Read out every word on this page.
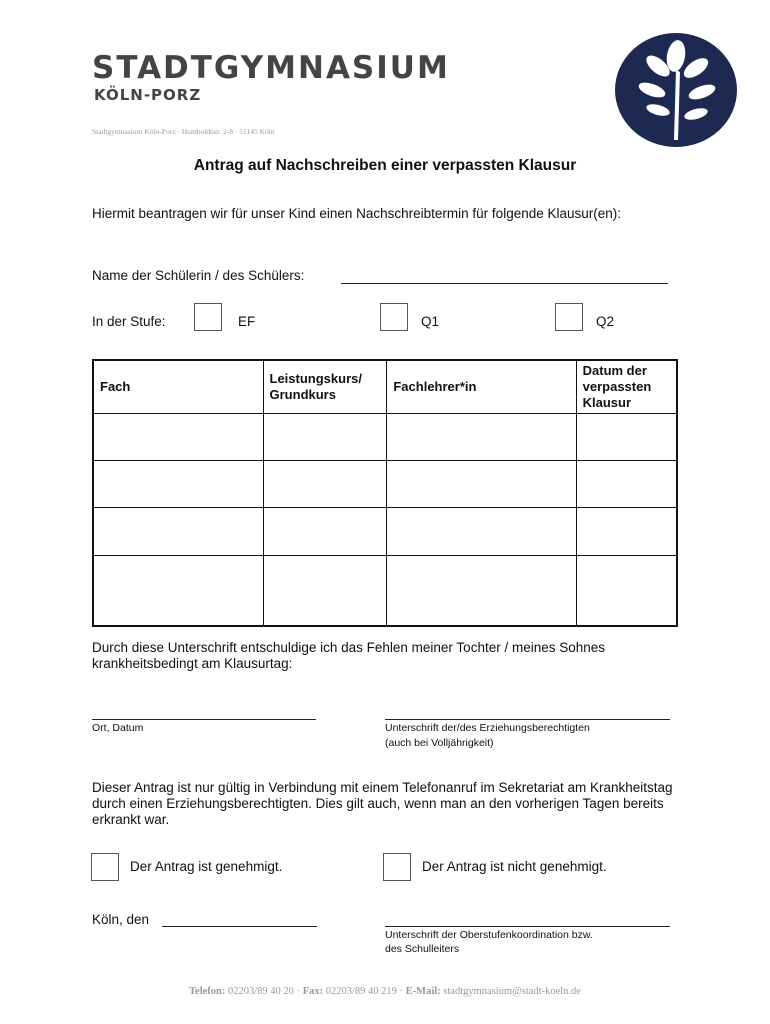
STADTGYMNASIUM
KÖLN-PORZ
Stadtgymnasium Köln-Porz · Humboldtstr. 2-8 · 51145 Köln
Antrag auf Nachschreiben einer verpassten Klausur
Hiermit beantragen wir für unser Kind einen Nachschreibtermin für folgende Klausur(en):
Name der Schülerin / des Schülers:
In der Stufe:	EF	Q1	Q2
Fach	Leistungskurs/ Grundkurs	Fachlehrer*in	Datum der verpassten Klausur

Durch diese Unterschrift entschuldige ich das Fehlen meiner Tochter / meines Sohnes krankheitsbedingt am Klausurtag:
Ort, Datum	Unterschrift der/des Erziehungsberechtigten
(auch bei Volljährigkeit)
Dieser Antrag ist nur gültig in Verbindung mit einem Telefonanruf im Sekretariat am Krankheitstag durch einen Erziehungsberechtigten. Dies gilt auch, wenn man an den vorherigen Tagen bereits erkrankt war.
Der Antrag ist genehmigt.	Der Antrag ist nicht genehmigt.
Köln, den
Unterschrift der Oberstufenkoordination bzw.
des Schulleiters
Telefon: 02203/89 40 20 · Fax: 02203/89 40 219 · E-Mail: stadtgymnasium@stadt-koeln.de
